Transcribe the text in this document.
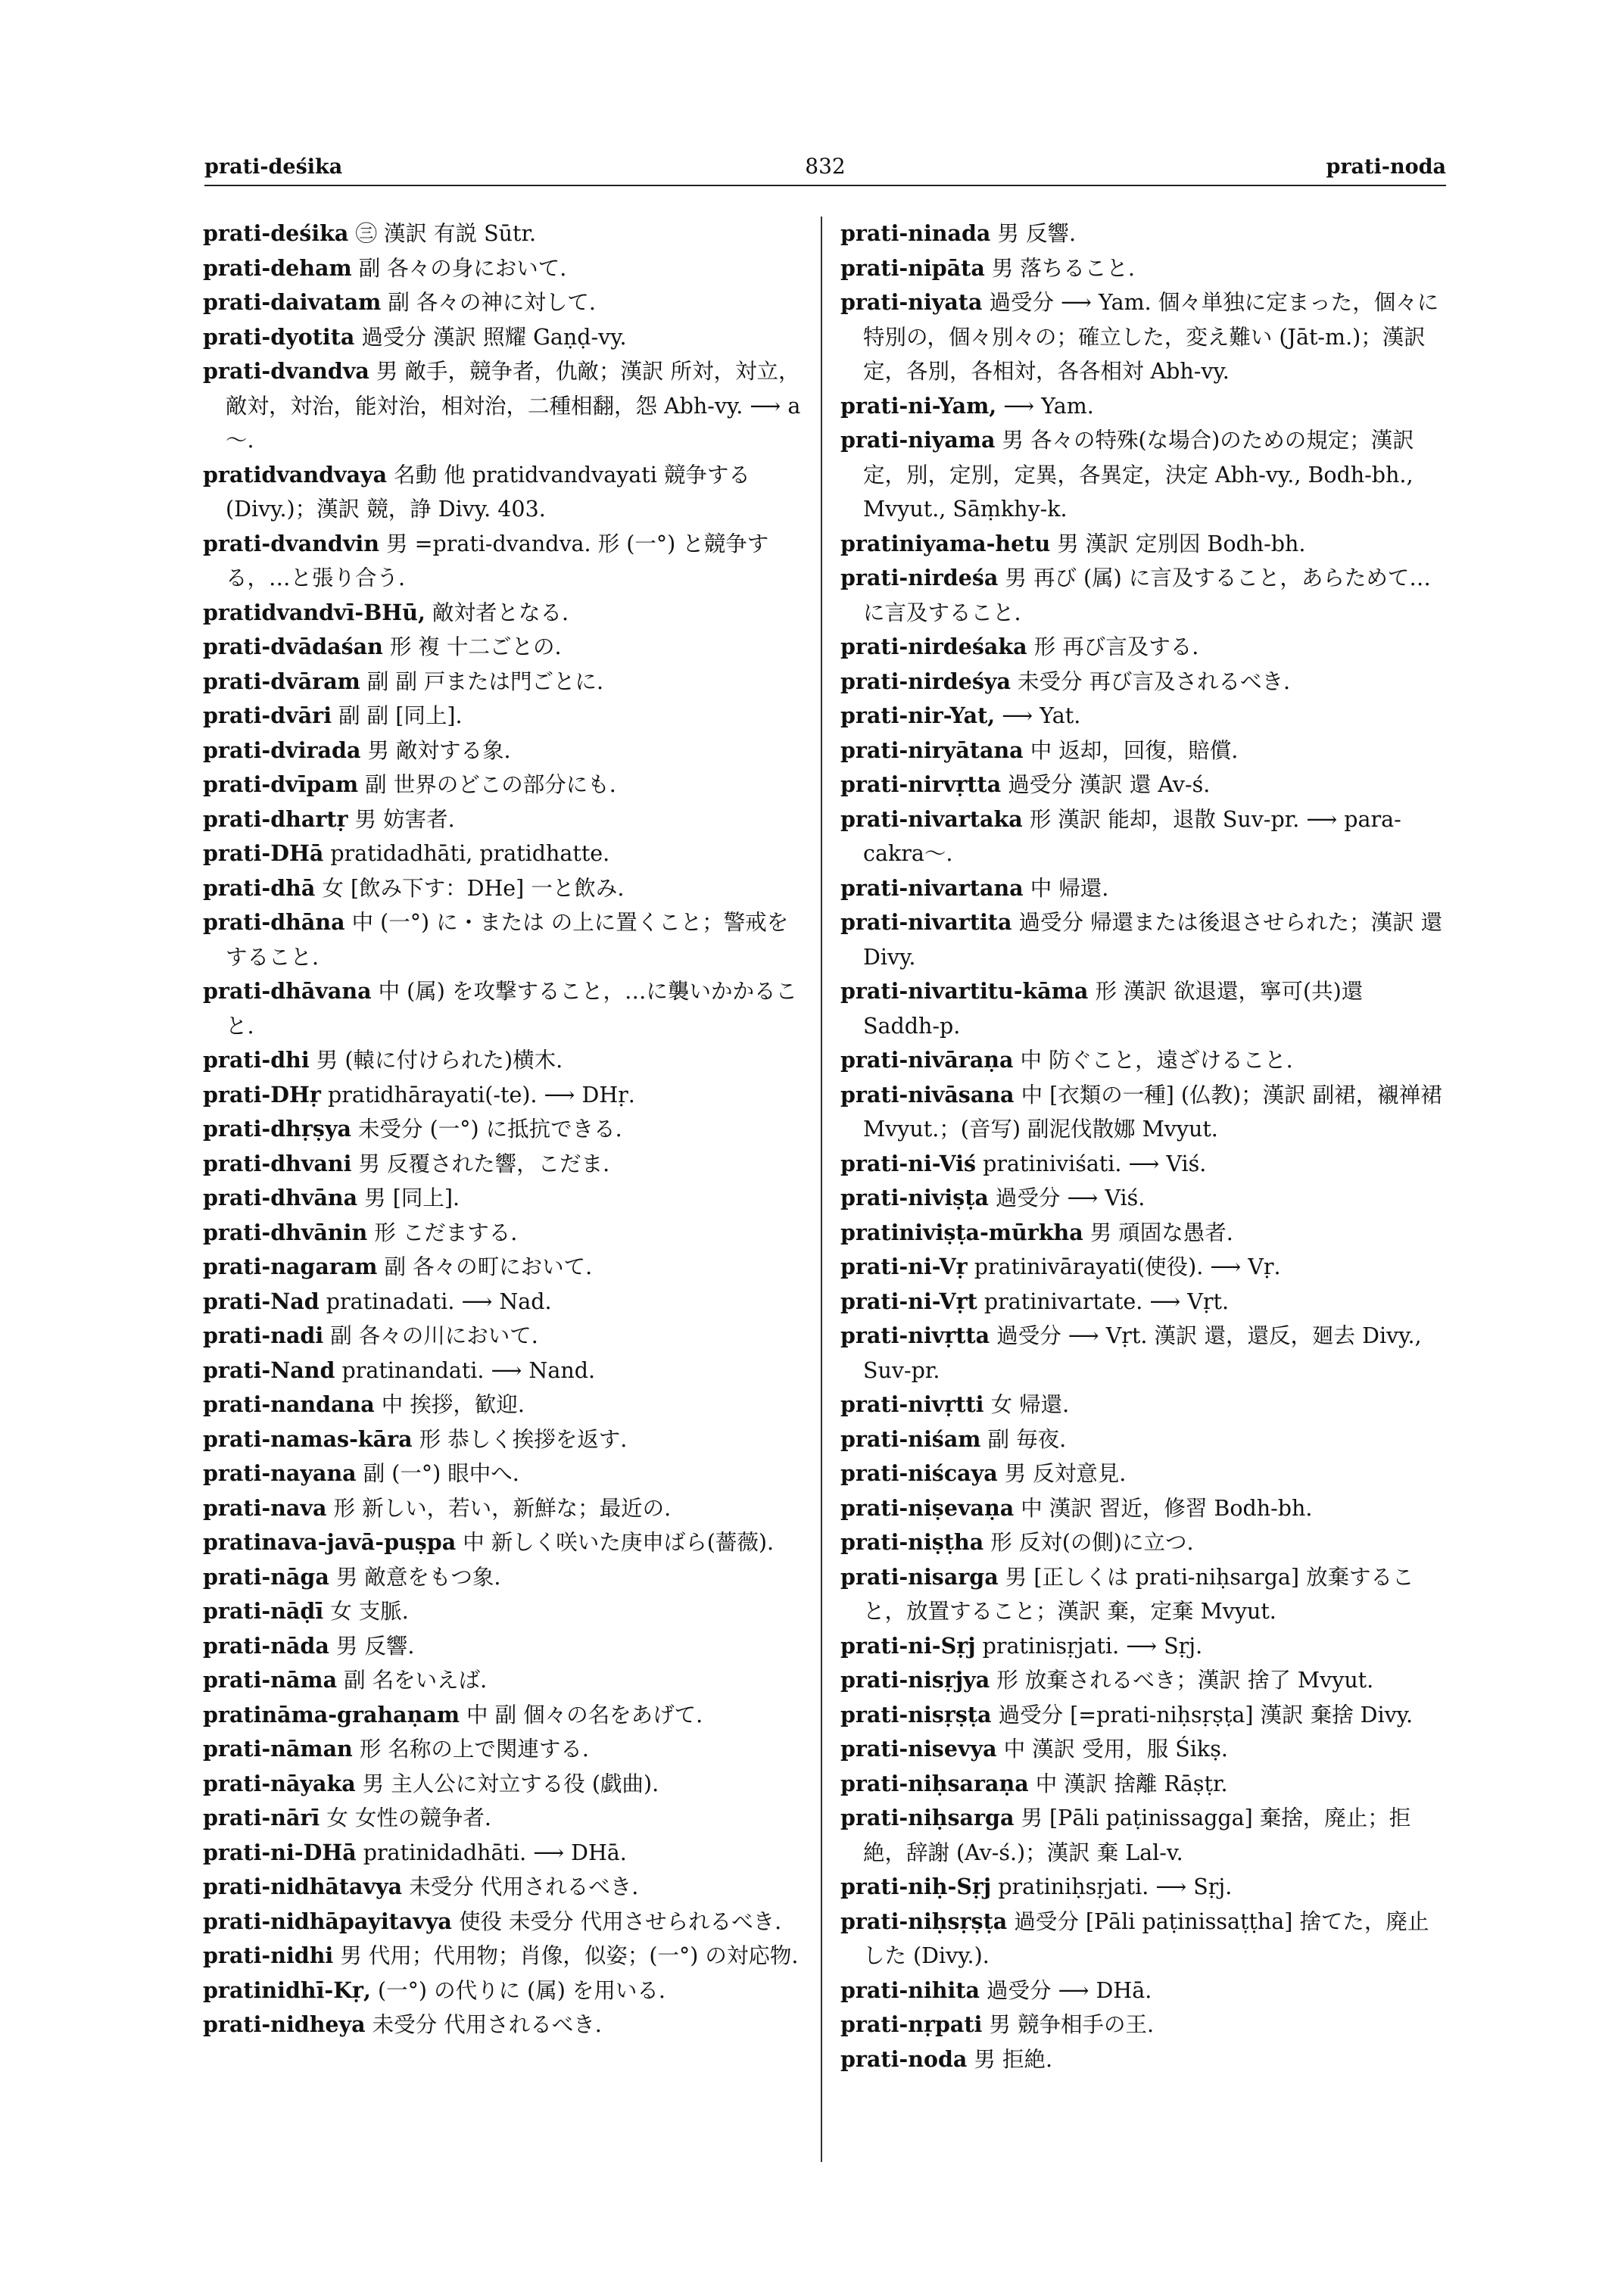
prati-deśika	832	prati-noda
prati-deśika ㊂ 漢訳 有説 Sūtr.
prati-deham 副 各々の身において.
prati-daivatam 副 各々の神に対して.
prati-dyotita 過受分 漢訳 照耀 Gaṇḍ-vy.
prati-dvandva 男 敵手，競争者，仇敵；漢訳 所対，対立，敵対，対治，能対治，相対治，二種相翻，怨 Abh-vy. ⟶ a～.
pratidvandvaya 名動 他 pratidvandvayati 競争する (Divy.)；漢訳 競，諍 Divy. 403.
prati-dvandvin 男 =prati-dvandva. 形 (一°) と競争する，…と張り合う.
pratidvandvī-BHū, 敵対者となる.
prati-dvādaśan 形 複 十二ごとの.
prati-dvāram 副 副 戸または門ごとに.
prati-dvāri 副 副 [同上].
prati-dvirada 男 敵対する象.
prati-dvīpam 副 世界のどこの部分にも.
prati-dhartṛ 男 妨害者.
prati-DHā pratidadhāti, pratidhatte.
prati-dhā 女 [飲み下す：DHe] 一と飲み.
prati-dhāna 中 (一°) に・または の上に置くこと；警戒をすること.
prati-dhāvana 中 (属) を攻撃すること，…に襲いかかること.
prati-dhi 男 (轅に付けられた)横木.
prati-DHṛ pratidhārayati(-te). ⟶ DHṛ.
prati-dhṛṣya 未受分 (一°) に抵抗できる.
prati-dhvani 男 反覆された響，こだま.
prati-dhvāna 男 [同上].
prati-dhvānin 形 こだまする.
prati-nagaram 副 各々の町において.
prati-Nad pratinadati. ⟶ Nad.
prati-nadi 副 各々の川において.
prati-Nand pratinandati. ⟶ Nand.
prati-nandana 中 挨拶，歓迎.
prati-namas-kāra 形 恭しく挨拶を返す.
prati-nayana 副 (一°) 眼中へ.
prati-nava 形 新しい，若い，新鮮な；最近の.
pratinava-javā-puṣpa 中 新しく咲いた庚申ばら(薔薇).
prati-nāga 男 敵意をもつ象.
prati-nāḍī 女 支脈.
prati-nāda 男 反響.
prati-nāma 副 名をいえば.
pratināma-grahaṇam 中 副 個々の名をあげて.
prati-nāman 形 名称の上で関連する.
prati-nāyaka 男 主人公に対立する役 (戯曲).
prati-nārī 女 女性の競争者.
prati-ni-DHā pratinidadhāti. ⟶ DHā.
prati-nidhātavya 未受分 代用されるべき.
prati-nidhāpayitavya 使役 未受分 代用させられるべき.
prati-nidhi 男 代用；代用物；肖像，似姿；(一°) の対応物.
pratinidhī-Kṛ, (一°) の代りに (属) を用いる.
prati-nidheya 未受分 代用されるべき.
prati-ninada 男 反響.
prati-nipāta 男 落ちること.
prati-niyata 過受分 ⟶ Yam. 個々単独に定まった，個々に特別の，個々別々の；確立した，変え難い (Jāt-m.)；漢訳 定，各別，各相対，各各相対 Abh-vy.
prati-ni-Yam, ⟶ Yam.
prati-niyama 男 各々の特殊(な場合)のための規定；漢訳 定，別，定別，定異，各異定，決定 Abh-vy., Bodh-bh., Mvyut., Sāṃkhy-k.
pratiniyama-hetu 男 漢訳 定別因 Bodh-bh.
prati-nirdeśa 男 再び (属) に言及すること，あらためて…に言及すること.
prati-nirdeśaka 形 再び言及する.
prati-nirdeśya 未受分 再び言及されるべき.
prati-nir-Yat, ⟶ Yat.
prati-niryātana 中 返却，回復，賠償.
prati-nirvṛtta 過受分 漢訳 還 Av-ś.
prati-nivartaka 形 漢訳 能却，退散 Suv-pr. ⟶ para-cakra～.
prati-nivartana 中 帰還.
prati-nivartita 過受分 帰還または後退させられた；漢訳 還 Divy.
prati-nivartitu-kāma 形 漢訳 欲退還，寧可(共)還 Saddh-p.
prati-nivāraṇa 中 防ぐこと，遠ざけること.
prati-nivāsana 中 [衣類の一種] (仏教)；漢訳 副裙，襯禅裙 Mvyut.；(音写) 副泥伐散娜 Mvyut.
prati-ni-Viś pratiniviśati. ⟶ Viś.
prati-niviṣṭa 過受分 ⟶ Viś.
pratiniviṣṭa-mūrkha 男 頑固な愚者.
prati-ni-Vṛ pratinivārayati(使役). ⟶ Vṛ.
prati-ni-Vṛt pratinivartate. ⟶ Vṛt.
prati-nivṛtta 過受分 ⟶ Vṛt. 漢訳 還，還反，廻去 Divy., Suv-pr.
prati-nivṛtti 女 帰還.
prati-niśam 副 毎夜.
prati-niścaya 男 反対意見.
prati-niṣevaṇa 中 漢訳 習近，修習 Bodh-bh.
prati-niṣṭha 形 反対(の側)に立つ.
prati-nisarga 男 [正しくは prati-niḥsarga] 放棄すること，放置すること；漢訳 棄，定棄 Mvyut.
prati-ni-Sṛj pratinisṛjati. ⟶ Sṛj.
prati-nisṛjya 形 放棄されるべき；漢訳 捨了 Mvyut.
prati-nisṛṣṭa 過受分 [=prati-niḥsṛṣṭa] 漢訳 棄捨 Divy.
prati-nisevya 中 漢訳 受用，服 Śikṣ.
prati-niḥsaraṇa 中 漢訳 捨離 Rāṣṭr.
prati-niḥsarga 男 [Pāli paṭinissagga] 棄捨，廃止；拒絶，辞謝 (Av-ś.)；漢訳 棄 Lal-v.
prati-niḥ-Sṛj pratiniḥsṛjati. ⟶ Sṛj.
prati-niḥsṛṣṭa 過受分 [Pāli paṭinissaṭṭha] 捨てた，廃止した (Divy.).
prati-nihita 過受分 ⟶ DHā.
prati-nṛpati 男 競争相手の王.
prati-noda 男 拒絶.
